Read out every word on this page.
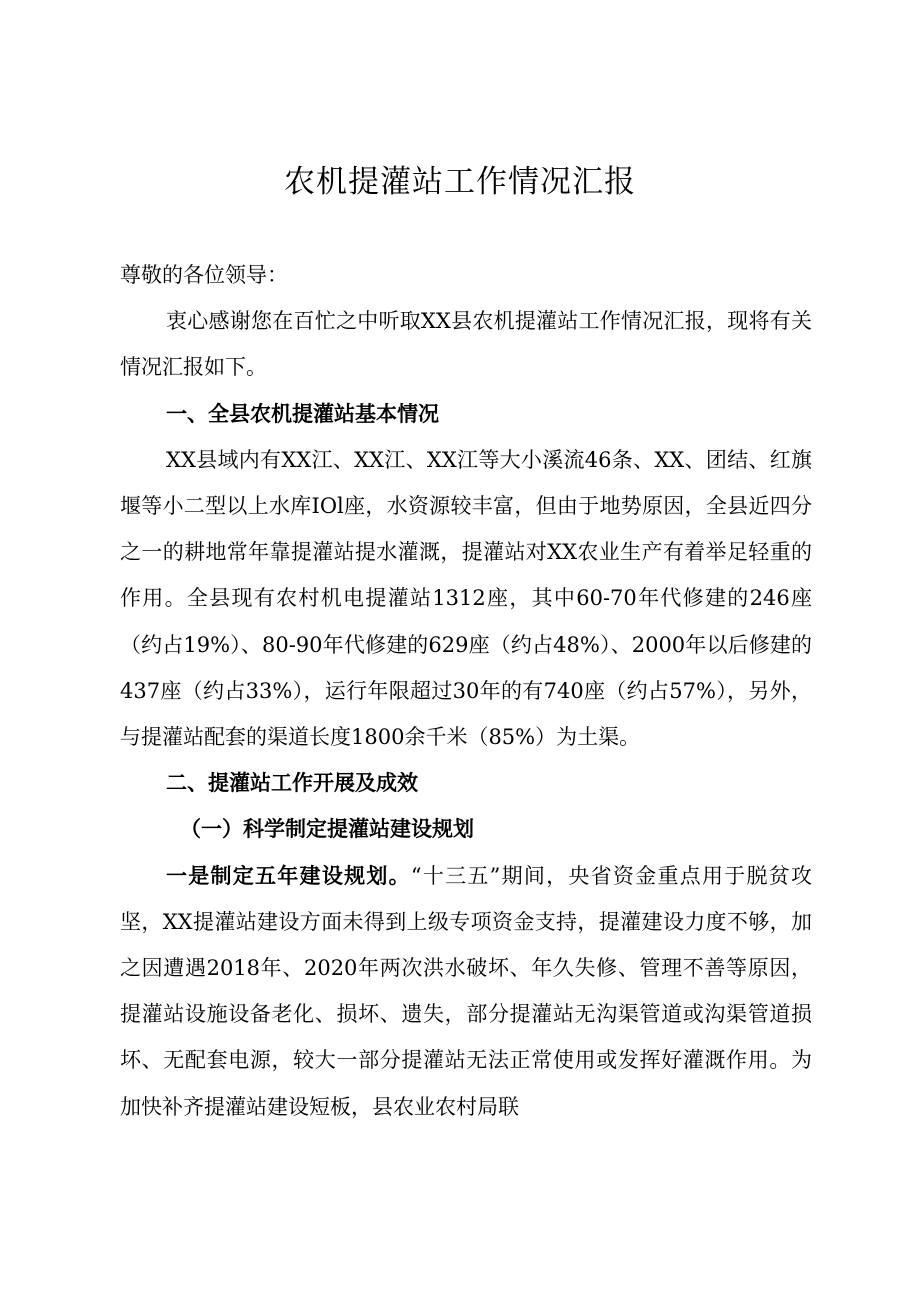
农机提灌站工作情况汇报

尊敬的各位领导：

衷心感谢您在百忙之中听取XX县农机提灌站工作情况汇报，现将有关情况汇报如下。

一、全县农机提灌站基本情况

XX县域内有XX江、XX江、XX江等大小溪流46条、XX、团结、红旗堰等小二型以上水库IOl座，水资源较丰富，但由于地势原因，全县近四分之一的耕地常年靠提灌站提水灌溉，提灌站对XX农业生产有着举足轻重的作用。全县现有农村机电提灌站1312座，其中60-70年代修建的246座（约占19%）、80-90年代修建的629座（约占48%）、2000年以后修建的437座（约占33%），运行年限超过30年的有740座（约占57%），另外，与提灌站配套的渠道长度1800余千米（85%）为土渠。

二、提灌站工作开展及成效

（一）科学制定提灌站建设规划

一是制定五年建设规划。“十三五”期间，央省资金重点用于脱贫攻坚，XX提灌站建设方面未得到上级专项资金支持，提灌建设力度不够，加之因遭遇2018年、2020年两次洪水破坏、年久失修、管理不善等原因，提灌站设施设备老化、损坏、遗失，部分提灌站无沟渠管道或沟渠管道损坏、无配套电源，较大一部分提灌站无法正常使用或发挥好灌溉作用。为加快补齐提灌站建设短板，县农业农村局联
